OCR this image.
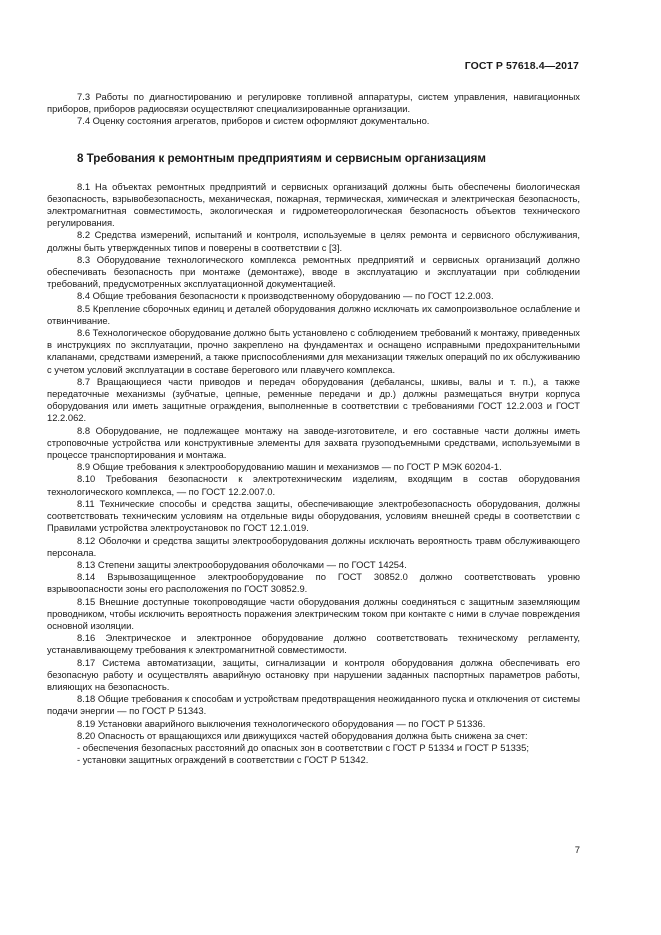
ГОСТ Р 57618.4—2017

7.3 Работы по диагностированию и регулировке топливной аппаратуры, систем управления, навигационных приборов, приборов радиосвязи осуществляют специализированные организации.

7.4 Оценку состояния агрегатов, приборов и систем оформляют документально.

8 Требования к ремонтным предприятиям и сервисным организациям

8.1 На объектах ремонтных предприятий и сервисных организаций должны быть обеспечены биологическая безопасность, взрывобезопасность, механическая, пожарная, термическая, химическая и электрическая безопасность, электромагнитная совместимость, экологическая и гидрометеорологическая безопасность объектов технического регулирования.

8.2 Средства измерений, испытаний и контроля, используемые в целях ремонта и сервисного обслуживания, должны быть утвержденных типов и поверены в соответствии с [3].

8.3 Оборудование технологического комплекса ремонтных предприятий и сервисных организаций должно обеспечивать безопасность при монтаже (демонтаже), вводе в эксплуатацию и эксплуатации при соблюдении требований, предусмотренных эксплуатационной документацией.

8.4 Общие требования безопасности к производственному оборудованию — по ГОСТ 12.2.003.

8.5 Крепление сборочных единиц и деталей оборудования должно исключать их самопроизвольное ослабление и отвинчивание.

8.6 Технологическое оборудование должно быть установлено с соблюдением требований к монтажу, приведенных в инструкциях по эксплуатации, прочно закреплено на фундаментах и оснащено исправными предохранительными клапанами, средствами измерений, а также приспособлениями для механизации тяжелых операций по их обслуживанию с учетом условий эксплуатации в составе берегового или плавучего комплекса.

8.7 Вращающиеся части приводов и передач оборудования (дебалансы, шкивы, валы и т. п.), а также передаточные механизмы (зубчатые, цепные, ременные передачи и др.) должны размещаться внутри корпуса оборудования или иметь защитные ограждения, выполненные в соответствии с требованиями ГОСТ 12.2.003 и ГОСТ 12.2.062.

8.8 Оборудование, не подлежащее монтажу на заводе-изготовителе, и его составные части должны иметь строповочные устройства или конструктивные элементы для захвата грузоподъемными средствами, используемыми в процессе транспортирования и монтажа.

8.9 Общие требования к электрооборудованию машин и механизмов — по ГОСТ Р МЭК 60204-1.

8.10 Требования безопасности к электротехническим изделиям, входящим в состав оборудования технологического комплекса, — по ГОСТ 12.2.007.0.

8.11 Технические способы и средства защиты, обеспечивающие электробезопасность оборудования, должны соответствовать техническим условиям на отдельные виды оборудования, условиям внешней среды в соответствии с Правилами устройства электроустановок по ГОСТ 12.1.019.

8.12 Оболочки и средства защиты электрооборудования должны исключать вероятность травм обслуживающего персонала.

8.13 Степени защиты электрооборудования оболочками — по ГОСТ 14254.

8.14 Взрывозащищенное электрооборудование по ГОСТ 30852.0 должно соответствовать уровню взрывоопасности зоны его расположения по ГОСТ 30852.9.

8.15 Внешние доступные токопроводящие части оборудования должны соединяться с защитным заземляющим проводником, чтобы исключить вероятность поражения электрическим током при контакте с ними в случае повреждения основной изоляции.

8.16 Электрическое и электронное оборудование должно соответствовать техническому регламенту, устанавливающему требования к электромагнитной совместимости.

8.17 Система автоматизации, защиты, сигнализации и контроля оборудования должна обеспечивать его безопасную работу и осуществлять аварийную остановку при нарушении заданных паспортных параметров работы, влияющих на безопасность.

8.18 Общие требования к способам и устройствам предотвращения неожиданного пуска и отключения от системы подачи энергии — по ГОСТ Р 51343.

8.19 Установки аварийного выключения технологического оборудования — по ГОСТ Р 51336.

8.20 Опасность от вращающихся или движущихся частей оборудования должна быть снижена за счет:

- обеспечения безопасных расстояний до опасных зон в соответствии с ГОСТ Р 51334 и ГОСТ Р 51335;

- установки защитных ограждений в соответствии с ГОСТ Р 51342.

7
